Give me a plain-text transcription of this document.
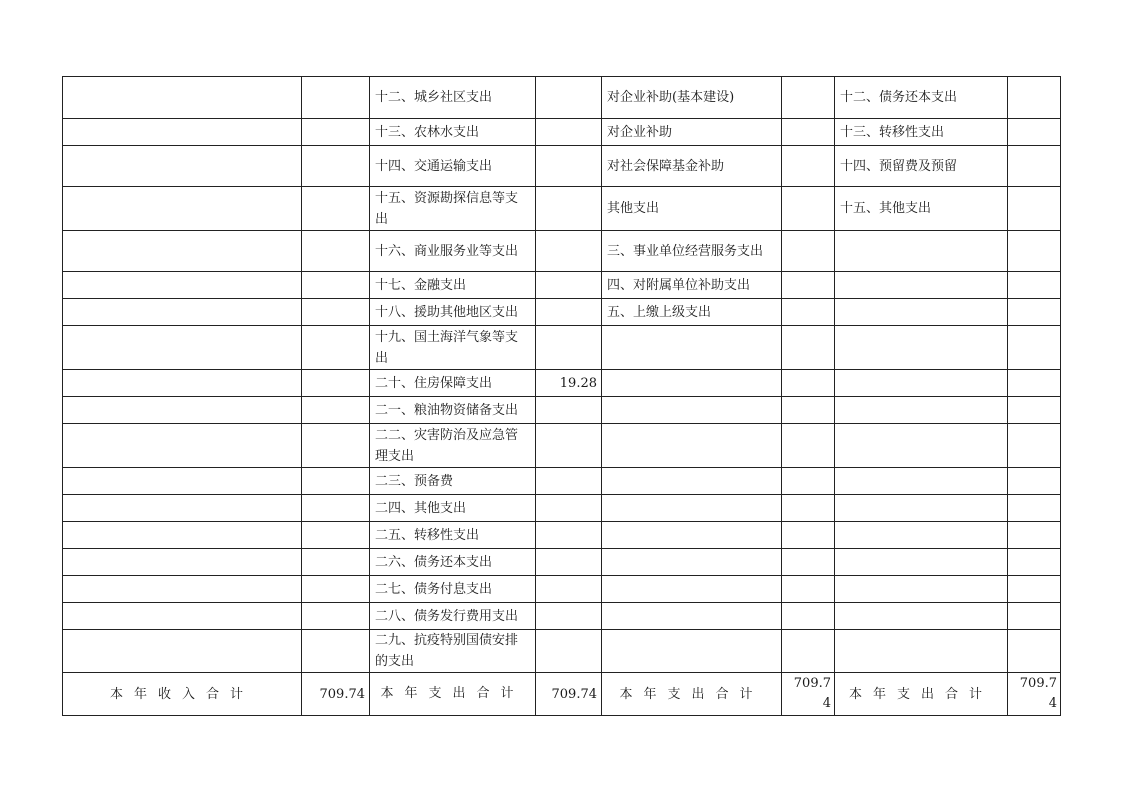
		十二、城乡社区支出		对企业补助(基本建设)		十二、债务还本支出	
		十三、农林水支出		对企业补助		十三、转移性支出	
		十四、交通运输支出		对社会保障基金补助		十四、预留费及预留	
		十五、资源勘探信息等支出		其他支出		十五、其他支出	
		十六、商业服务业等支出		三、事业单位经营服务支出			
		十七、金融支出		四、对附属单位补助支出			
		十八、援助其他地区支出		五、上缴上级支出			
		十九、国土海洋气象等支出					
		二十、住房保障支出	19.28				
		二一、粮油物资储备支出					
		二二、灾害防治及应急管理支出					
		二三、预备费					
		二四、其他支出					
		二五、转移性支出					
		二六、债务还本支出					
		二七、债务付息支出					
		二八、债务发行费用支出					
		二九、抗疫特别国债安排的支出					
本年收入合计	709.74	本年支出合计	709.74	本年支出合计	709.74	本年支出合计	709.74
